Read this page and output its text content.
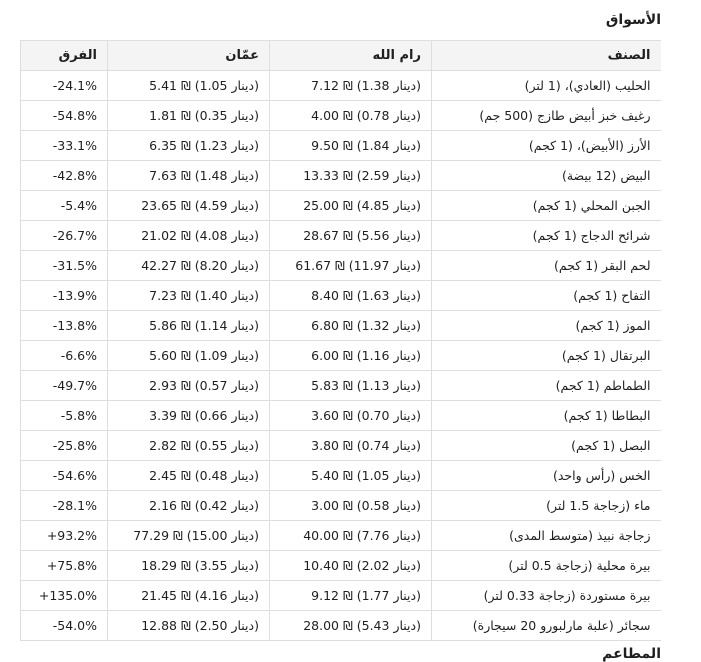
الأسواق
الصنف	رام الله	عمّان	الفرق
الحليب (العادي)، (1 لتر)	7.12 ₪ (1.38 دينار)	5.41 ₪ (1.05 دينار)	-24.1%
رغيف خبز أبيض طازج (500 جم)	4.00 ₪ (0.78 دينار)	1.81 ₪ (0.35 دينار)	-54.8%
الأرز (الأبيض)، (1 كجم)	9.50 ₪ (1.84 دينار)	6.35 ₪ (1.23 دينار)	-33.1%
البيض (12 بيضة)	13.33 ₪ (2.59 دينار)	7.63 ₪ (1.48 دينار)	-42.8%
الجبن المحلي (1 كجم)	25.00 ₪ (4.85 دينار)	23.65 ₪ (4.59 دينار)	-5.4%
شرائح الدجاج (1 كجم)	28.67 ₪ (5.56 دينار)	21.02 ₪ (4.08 دينار)	-26.7%
لحم البقر (1 كجم)	61.67 ₪ (11.97 دينار)	42.27 ₪ (8.20 دينار)	-31.5%
التفاح (1 كجم)	8.40 ₪ (1.63 دينار)	7.23 ₪ (1.40 دينار)	-13.9%
الموز (1 كجم)	6.80 ₪ (1.32 دينار)	5.86 ₪ (1.14 دينار)	-13.8%
البرتقال (1 كجم)	6.00 ₪ (1.16 دينار)	5.60 ₪ (1.09 دينار)	-6.6%
الطماطم (1 كجم)	5.83 ₪ (1.13 دينار)	2.93 ₪ (0.57 دينار)	-49.7%
البطاطا (1 كجم)	3.60 ₪ (0.70 دينار)	3.39 ₪ (0.66 دينار)	-5.8%
البصل (1 كجم)	3.80 ₪ (0.74 دينار)	2.82 ₪ (0.55 دينار)	-25.8%
الخس (رأس واحد)	5.40 ₪ (1.05 دينار)	2.45 ₪ (0.48 دينار)	-54.6%
ماء (زجاجة 1.5 لتر)	3.00 ₪ (0.58 دينار)	2.16 ₪ (0.42 دينار)	-28.1%
زجاجة نبيذ (متوسط المدى)	40.00 ₪ (7.76 دينار)	77.29 ₪ (15.00 دينار)	+93.2%
بيرة محلية (زجاجة 0.5 لتر)	10.40 ₪ (2.02 دينار)	18.29 ₪ (3.55 دينار)	+75.8%
بيرة مستوردة (زجاجة 0.33 لتر)	9.12 ₪ (1.77 دينار)	21.45 ₪ (4.16 دينار)	+135.0%
سجائر (علبة مارلبورو 20 سيجارة)	28.00 ₪ (5.43 دينار)	12.88 ₪ (2.50 دينار)	-54.0%
المطاعم
